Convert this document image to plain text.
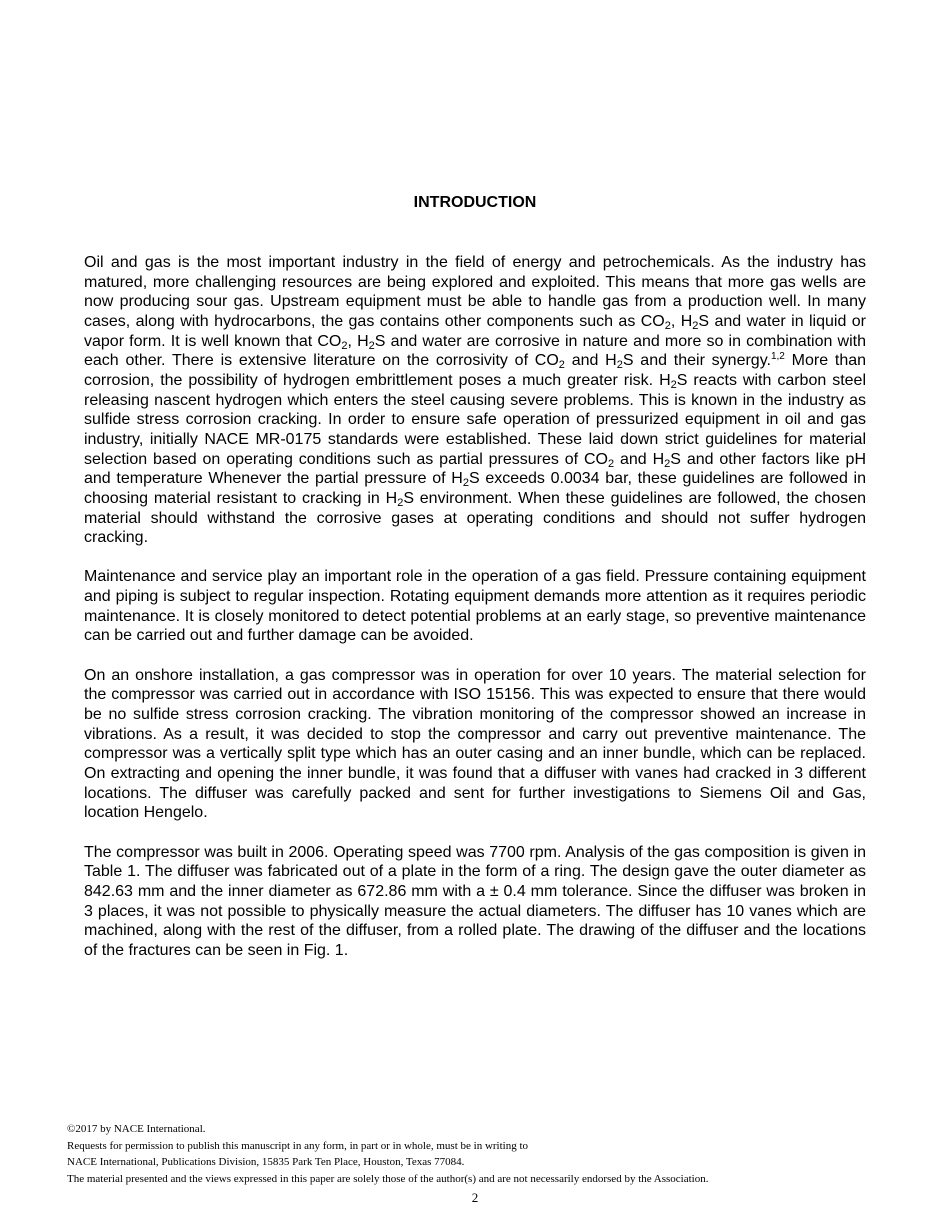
INTRODUCTION

Oil and gas is the most important industry in the field of energy and petrochemicals. As the industry has matured, more challenging resources are being explored and exploited. This means that more gas wells are now producing sour gas. Upstream equipment must be able to handle gas from a production well. In many cases, along with hydrocarbons, the gas contains other components such as $CO_2$, $H_2S$ and water in liquid or vapor form. It is well known that $CO_2$, $H_2S$ and water are corrosive in nature and more so in combination with each other. There is extensive literature on the corrosivity of $CO_2$ and $H_2S$ and their synergy.$^{1,2}$ More than corrosion, the possibility of hydrogen embrittlement poses a much greater risk. $H_2S$ reacts with carbon steel releasing nascent hydrogen which enters the steel causing severe problems. This is known in the industry as sulfide stress corrosion cracking. In order to ensure safe operation of pressurized equipment in oil and gas industry, initially NACE MR-0175 standards were established. These laid down strict guidelines for material selection based on operating conditions such as partial pressures of $CO_2$ and $H_2S$ and other factors like pH and temperature Whenever the partial pressure of $H_2S$ exceeds 0.0034 bar, these guidelines are followed in choosing material resistant to cracking in $H_2S$ environment. When these guidelines are followed, the chosen material should withstand the corrosive gases at operating conditions and should not suffer hydrogen cracking.

Maintenance and service play an important role in the operation of a gas field. Pressure containing equipment and piping is subject to regular inspection. Rotating equipment demands more attention as it requires periodic maintenance. It is closely monitored to detect potential problems at an early stage, so preventive maintenance can be carried out and further damage can be avoided.

On an onshore installation, a gas compressor was in operation for over 10 years. The material selection for the compressor was carried out in accordance with ISO 15156. This was expected to ensure that there would be no sulfide stress corrosion cracking. The vibration monitoring of the compressor showed an increase in vibrations. As a result, it was decided to stop the compressor and carry out preventive maintenance. The compressor was a vertically split type which has an outer casing and an inner bundle, which can be replaced. On extracting and opening the inner bundle, it was found that a diffuser with vanes had cracked in 3 different locations. The diffuser was carefully packed and sent for further investigations to Siemens Oil and Gas, location Hengelo.

The compressor was built in 2006. Operating speed was 7700 rpm. Analysis of the gas composition is given in Table 1. The diffuser was fabricated out of a plate in the form of a ring. The design gave the outer diameter as 842.63 mm and the inner diameter as 672.86 mm with a ± 0.4 mm tolerance. Since the diffuser was broken in 3 places, it was not possible to physically measure the actual diameters. The diffuser has 10 vanes which are machined, along with the rest of the diffuser, from a rolled plate. The drawing of the diffuser and the locations of the fractures can be seen in Fig. 1.

©2017 by NACE International.
Requests for permission to publish this manuscript in any form, in part or in whole, must be in writing to
NACE International, Publications Division, 15835 Park Ten Place, Houston, Texas 77084.
The material presented and the views expressed in this paper are solely those of the author(s) and are not necessarily endorsed by the Association.
2
